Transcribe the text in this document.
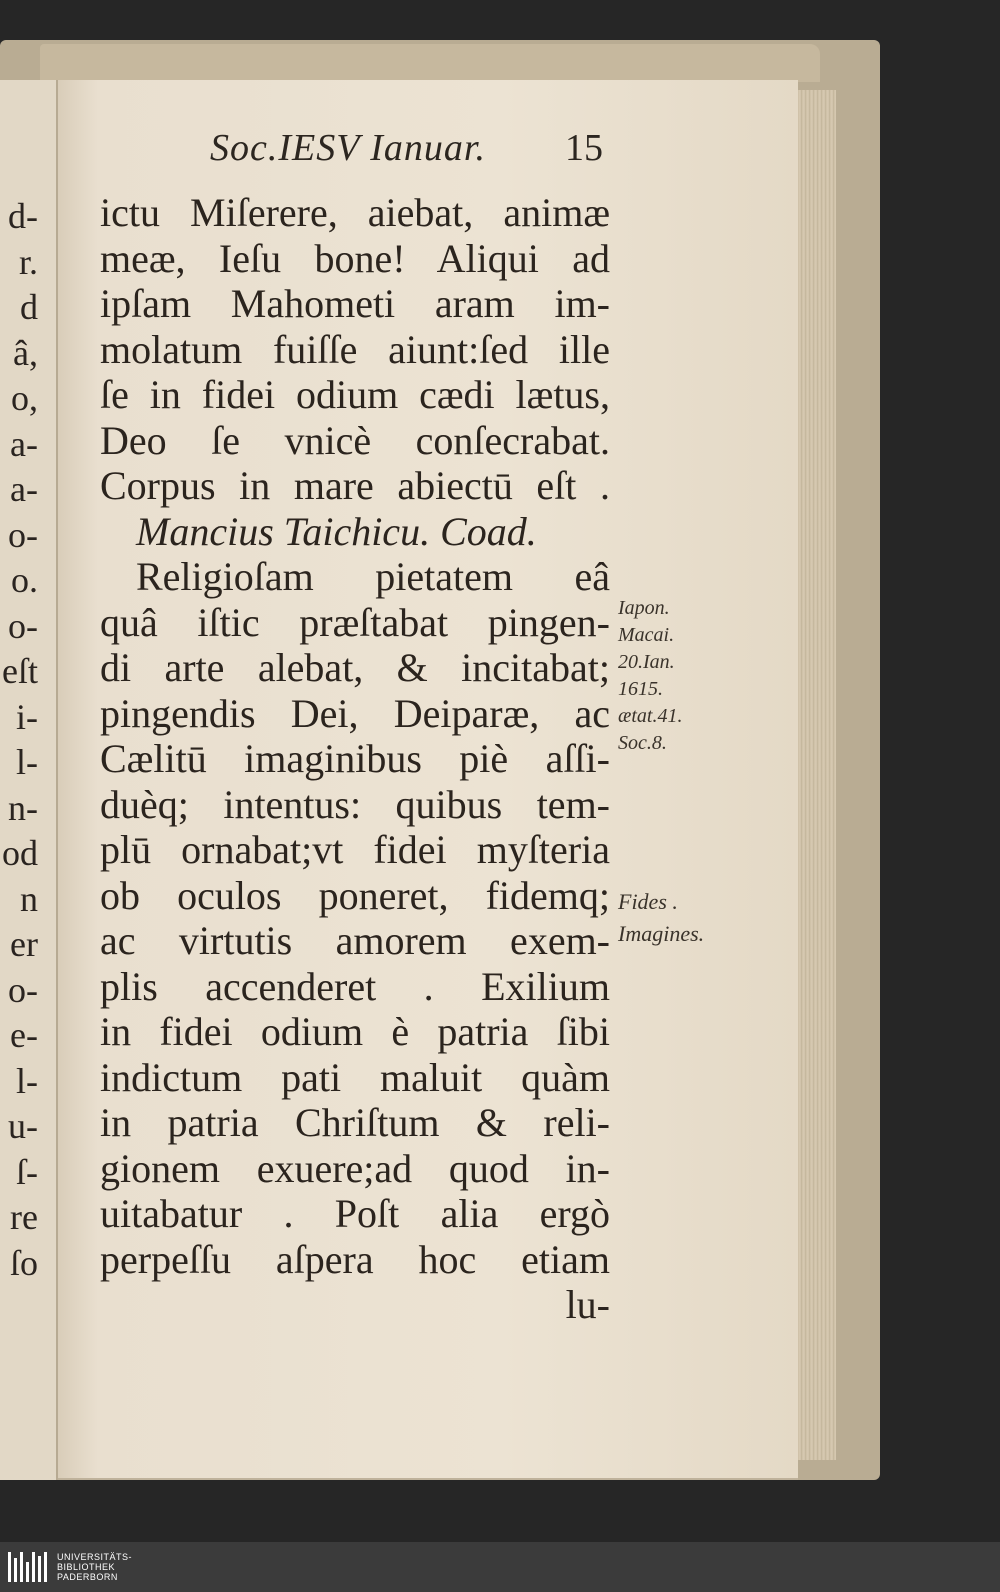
d-
r.
d
â,
o,
a-
a-
o-
o.
o-
eſt
i-
l-
n-
od
n
er
o-
e-
l-
u-
ſ-
re
ſo
Soc.IESV Ianuar. 15
ictu Miſerere, aiebat, animæ
meæ, Ieſu bone! Aliqui ad
ipſam Mahometi aram im-
molatum fuiſſe aiunt:ſed ille
ſe in fidei odium cædi lætus,
Deo ſe vnicè conſecrabat.
Corpus in mare abiectū eſt .
Mancius Taichicu. Coad.
Religioſam pietatem eâ
quâ iſtic præſtabat pingen-
di arte alebat, & incitabat;
pingendis Dei, Deiparæ, ac
Cælitū imaginibus piè aſſi-
duèq; intentus: quibus tem-
plū ornabat;vt fidei myſteria
ob oculos poneret, fidemq;
ac virtutis amorem exem-
plis accenderet . Exilium
in fidei odium è patria ſibi
indictum pati maluit quàm
in patria Chriſtum & reli-
gionem exuere;ad quod in-
uitabatur . Poſt alia ergò
perpeſſu aſpera hoc etiam
lu-
Iapon.
Macai.
20.Ian.
1615.
ætat.41.
Soc.8.
Fides .
Imagines.
UNIVERSITÄTS-
BIBLIOTHEK
PADERBORN
